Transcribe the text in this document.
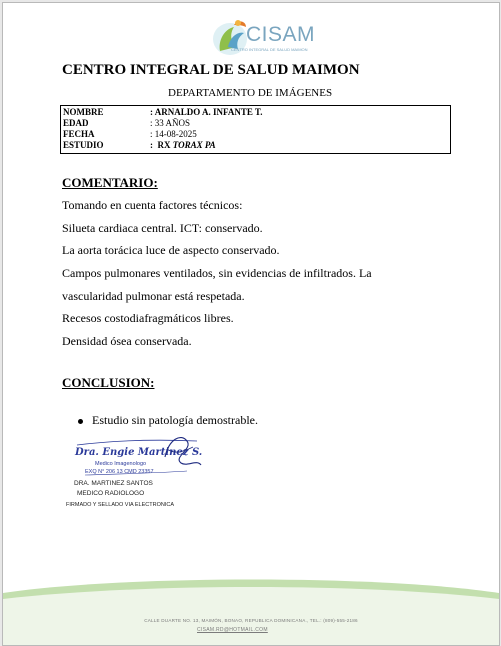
CISAM
CENTRO INTEGRAL DE SALUD MAIMON
CENTRO INTEGRAL DE SALUD MAIMON
DEPARTAMENTO DE IMÁGENES
NOMBRE	: ARNALDO A. INFANTE T.
EDAD	: 33 AÑOS
FECHA	: 14-08-2025
ESTUDIO	:  RX TORAX PA
COMENTARIO:
Tomando en cuenta factores técnicos:
Silueta cardiaca central. ICT: conservado.
La aorta torácica luce de aspecto conservado.
Campos pulmonares ventilados, sin evidencias de infiltrados. La
vascularidad pulmonar está respetada.
Recesos costodiafragmáticos libres.
Densidad ósea conservada.
CONCLUSION:
Estudio sin patología demostrable.
Dra. Engie Martinez S.
Medico Imagenologo
EXQ N° 206 13 CMD 23357
DRA. MARTINEZ SANTOS
MEDICO RADIOLOGO
FIRMADO Y SELLADO VIA ELECTRONICA
CALLE DUARTE NO. 13, MAIMÓN, BONAO, REPUBLICA DOMINICANA., TEL.: (809)-555-2186
CISAM.RD@HOTMAIL.COM
